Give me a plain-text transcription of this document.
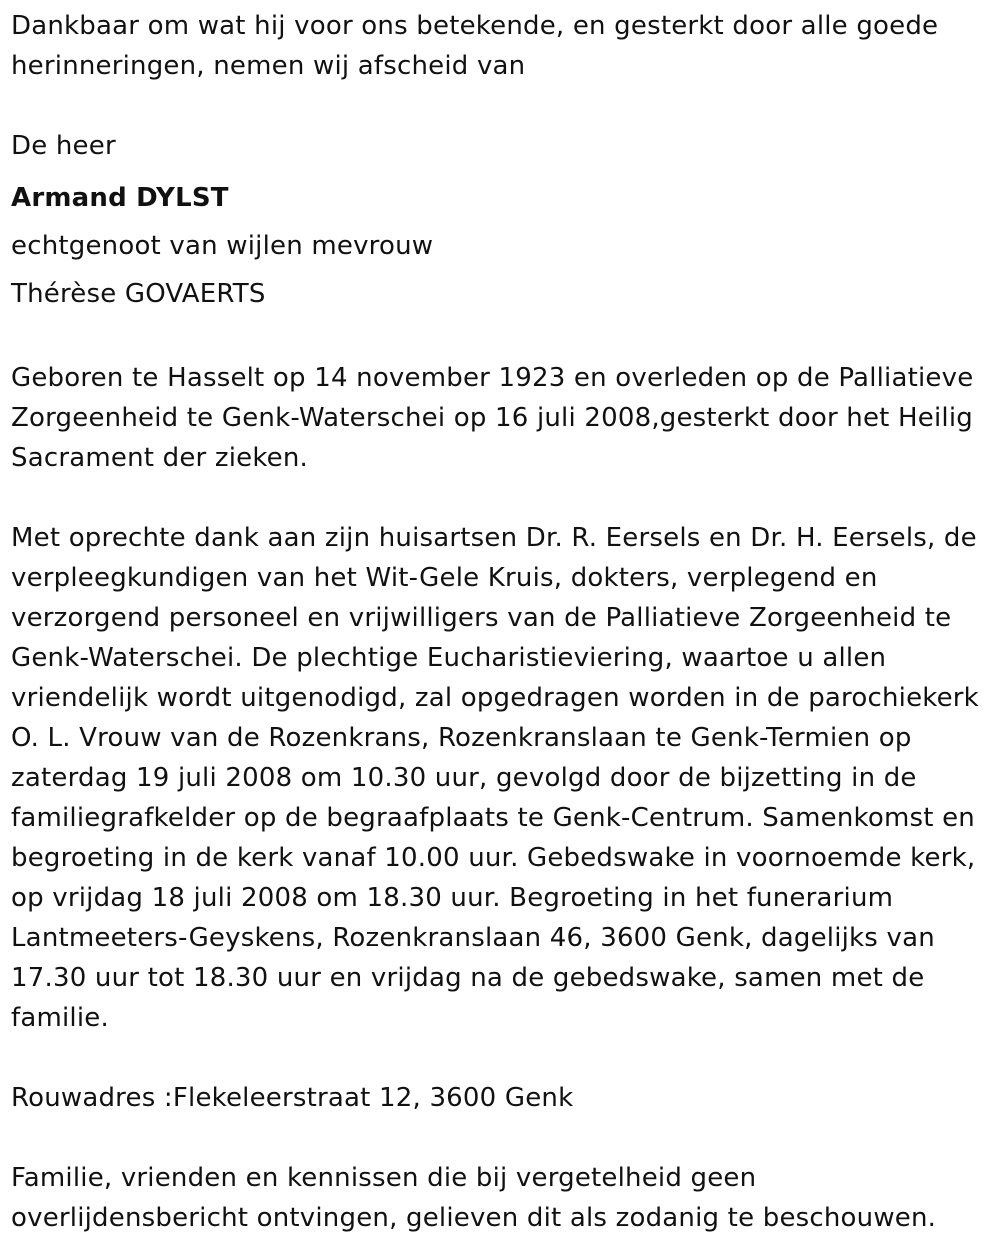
Dankbaar om wat hij voor ons betekende, en gesterkt door alle goede

herinneringen, nemen wij afscheid van

De heer

Armand DYLST

echtgenoot van wijlen mevrouw

Thérèse GOVAERTS

Geboren te Hasselt op 14 november 1923 en overleden op de Palliatieve

Zorgeenheid te Genk-Waterschei op 16 juli 2008,gesterkt door het Heilig

Sacrament der zieken.

Met oprechte dank aan zijn huisartsen Dr. R. Eersels en Dr. H. Eersels, de

verpleegkundigen van het Wit-Gele Kruis, dokters, verplegend en

verzorgend personeel en vrijwilligers van de Palliatieve Zorgeenheid te

Genk-Waterschei. De plechtige Eucharistieviering, waartoe u allen

vriendelijk wordt uitgenodigd, zal opgedragen worden in de parochiekerk

O. L. Vrouw van de Rozenkrans, Rozenkranslaan te Genk-Termien op

zaterdag 19 juli 2008 om 10.30 uur, gevolgd door de bijzetting in de

familiegrafkelder op de begraafplaats te Genk-Centrum. Samenkomst en

begroeting in de kerk vanaf 10.00 uur. Gebedswake in voornoemde kerk,

op vrijdag 18 juli 2008 om 18.30 uur. Begroeting in het funerarium

Lantmeeters-Geyskens, Rozenkranslaan 46, 3600 Genk, dagelijks van

17.30 uur tot 18.30 uur en vrijdag na de gebedswake, samen met de

familie.

Rouwadres :Flekeleerstraat 12, 3600 Genk

Familie, vrienden en kennissen die bij vergetelheid geen

overlijdensbericht ontvingen, gelieven dit als zodanig te beschouwen.
